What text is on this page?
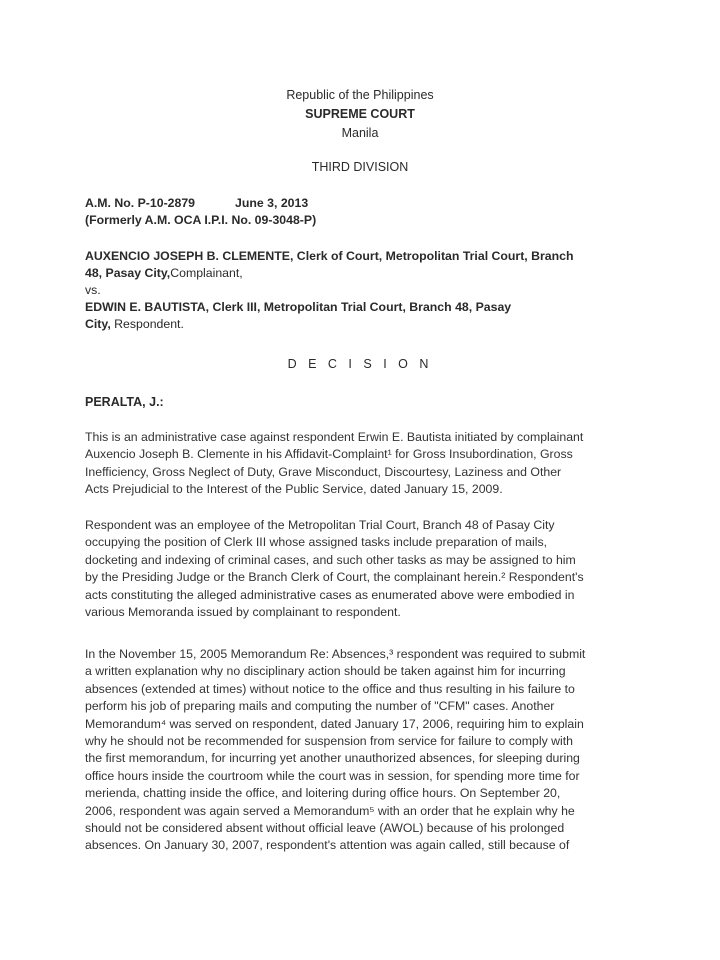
Republic of the Philippines
SUPREME COURT
Manila
THIRD DIVISION
A.M. No. P-10-2879	June 3, 2013
(Formerly A.M. OCA I.P.I. No. 09-3048-P)
AUXENCIO JOSEPH B. CLEMENTE, Clerk of Court, Metropolitan Trial Court, Branch
48, Pasay City,Complainant,
vs.
EDWIN E. BAUTISTA, Clerk III, Metropolitan Trial Court, Branch 48, Pasay
City, Respondent.
D E C I S I O N
PERALTA, J.:
This is an administrative case against respondent Erwin E. Bautista initiated by complainant
Auxencio Joseph B. Clemente in his Affidavit-Complaint¹ for Gross Insubordination, Gross
Inefficiency, Gross Neglect of Duty, Grave Misconduct, Discourtesy, Laziness and Other
Acts Prejudicial to the Interest of the Public Service, dated January 15, 2009.
Respondent was an employee of the Metropolitan Trial Court, Branch 48 of Pasay City
occupying the position of Clerk III whose assigned tasks include preparation of mails,
docketing and indexing of criminal cases, and such other tasks as may be assigned to him
by the Presiding Judge or the Branch Clerk of Court, the complainant herein.² Respondent's
acts constituting the alleged administrative cases as enumerated above were embodied in
various Memoranda issued by complainant to respondent.
In the November 15, 2005 Memorandum Re: Absences,³ respondent was required to submit
a written explanation why no disciplinary action should be taken against him for incurring
absences (extended at times) without notice to the office and thus resulting in his failure to
perform his job of preparing mails and computing the number of "CFM" cases. Another
Memorandum⁴ was served on respondent, dated January 17, 2006, requiring him to explain
why he should not be recommended for suspension from service for failure to comply with
the first memorandum, for incurring yet another unauthorized absences, for sleeping during
office hours inside the courtroom while the court was in session, for spending more time for
merienda, chatting inside the office, and loitering during office hours. On September 20,
2006, respondent was again served a Memorandum⁵ with an order that he explain why he
should not be considered absent without official leave (AWOL) because of his prolonged
absences. On January 30, 2007, respondent's attention was again called, still because of
